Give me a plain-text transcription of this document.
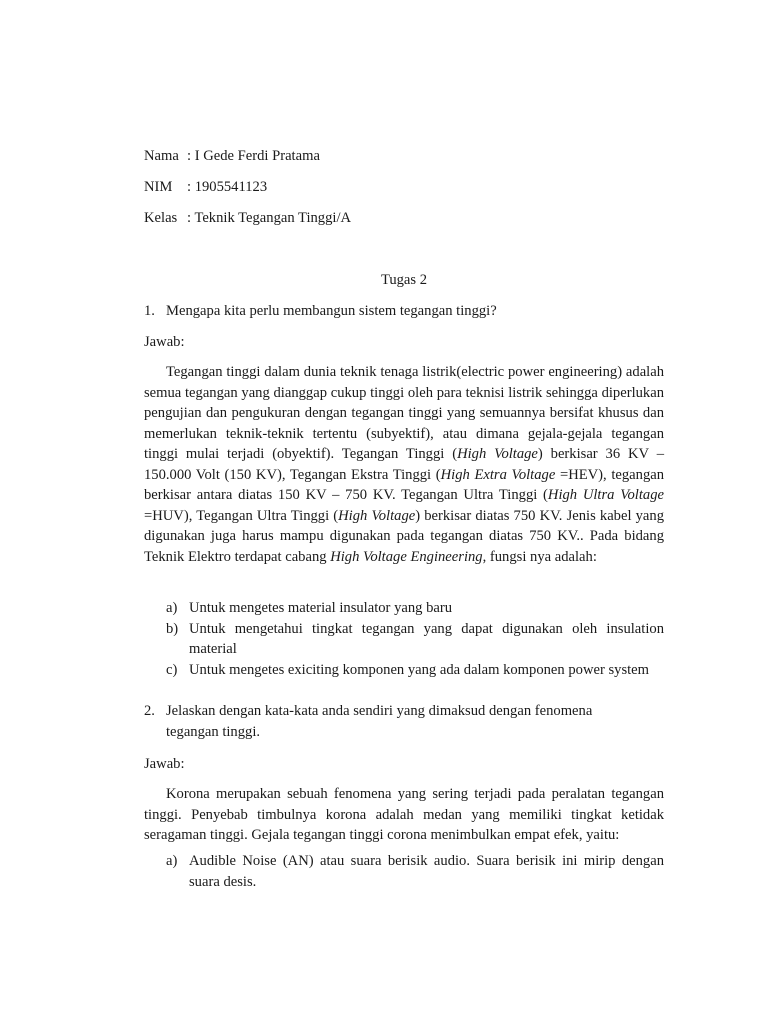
Nama : I Gede Ferdi Pratama
NIM : 1905541123
Kelas : Teknik Tegangan Tinggi/A
Tugas 2
1. Mengapa kita perlu membangun sistem tegangan tinggi?
Jawab:
Tegangan tinggi dalam dunia teknik tenaga listrik(electric power engineering) adalah semua tegangan yang dianggap cukup tinggi oleh para teknisi listrik sehingga diperlukan pengujian dan pengukuran dengan tegangan tinggi yang semuannya bersifat khusus dan memerlukan teknik-teknik tertentu (subyektif), atau dimana gejala-gejala tegangan tinggi mulai terjadi (obyektif). Tegangan Tinggi (High Voltage) berkisar 36 KV – 150.000 Volt (150 KV), Tegangan Ekstra Tinggi (High Extra Voltage =HEV), tegangan berkisar antara diatas 150 KV – 750 KV. Tegangan Ultra Tinggi (High Ultra Voltage =HUV), Tegangan Ultra Tinggi (High Voltage) berkisar diatas 750 KV. Jenis kabel yang digunakan juga harus mampu digunakan pada tegangan diatas 750 KV.. Pada bidang Teknik Elektro terdapat cabang High Voltage Engineering, fungsi nya adalah:
a) Untuk mengetes material insulator yang baru
b) Untuk mengetahui tingkat tegangan yang dapat digunakan oleh insulation material
c) Untuk mengetes exiciting komponen yang ada dalam komponen power system
2. Jelaskan dengan kata-kata anda sendiri yang dimaksud dengan fenomena tegangan tinggi.
Jawab:
Korona merupakan sebuah fenomena yang sering terjadi pada peralatan tegangan tinggi. Penyebab timbulnya korona adalah medan yang memiliki tingkat ketidak seragaman tinggi. Gejala tegangan tinggi corona menimbulkan empat efek, yaitu:
a) Audible Noise (AN) atau suara berisik audio. Suara berisik ini mirip dengan suara desis.
